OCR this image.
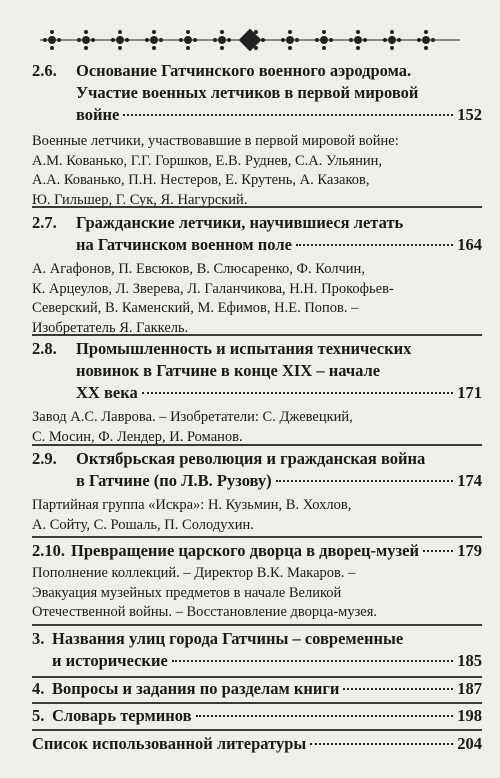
2.6. Основание Гатчинского военного аэродрома.
Участие военных летчиков в первой мировой
войне	152

Военные летчики, участвовавшие в первой мировой войне:

А.М. Кованько, Г.Г. Горшков, Е.В. Руднев, С.А. Ульянин,

А.А. Кованько, П.Н. Нестеров, Е. Крутень, А. Казаков,

Ю. Гильшер, Г. Сук, Я. Нагурский.

2.7. Гражданские летчики, научившиеся летать
на Гатчинском военном поле	164

А. Агафонов, П. Евсюков, В. Слюсаренко, Ф. Колчин,

К. Арцеулов, Л. Зверева, Л. Галанчикова, Н.Н. Прокофьев-

Северский, В. Каменский, М. Ефимов, Н.Е. Попов. –

Изобретатель Я. Гаккель.

2.8. Промышленность и испытания технических
новинок в Гатчине в конце XIX – начале
XX века	171

Завод А.С. Лаврова. – Изобретатели: С. Джевецкий,

С. Мосин, Ф. Лендер, И. Романов.

2.9. Октябрьская революция и гражданская война
в Гатчине (по Л.В. Рузову)	174

Партийная группа «Искра»: Н. Кузьмин, В. Хохлов,

А. Сойту, С. Рошаль, П. Солодухин.

2.10. Превращение царского дворца в дворец-музей 179

Пополнение коллекций. – Директор В.К. Макаров. –

Эвакуация музейных предметов в начале Великой

Отечественной войны. – Восстановление дворца-музея.

3. Названия улиц города Гатчины – современные
и исторические	185
4. Вопросы и задания по разделам книги	187
5. Словарь терминов	198
Список использованной литературы	204
